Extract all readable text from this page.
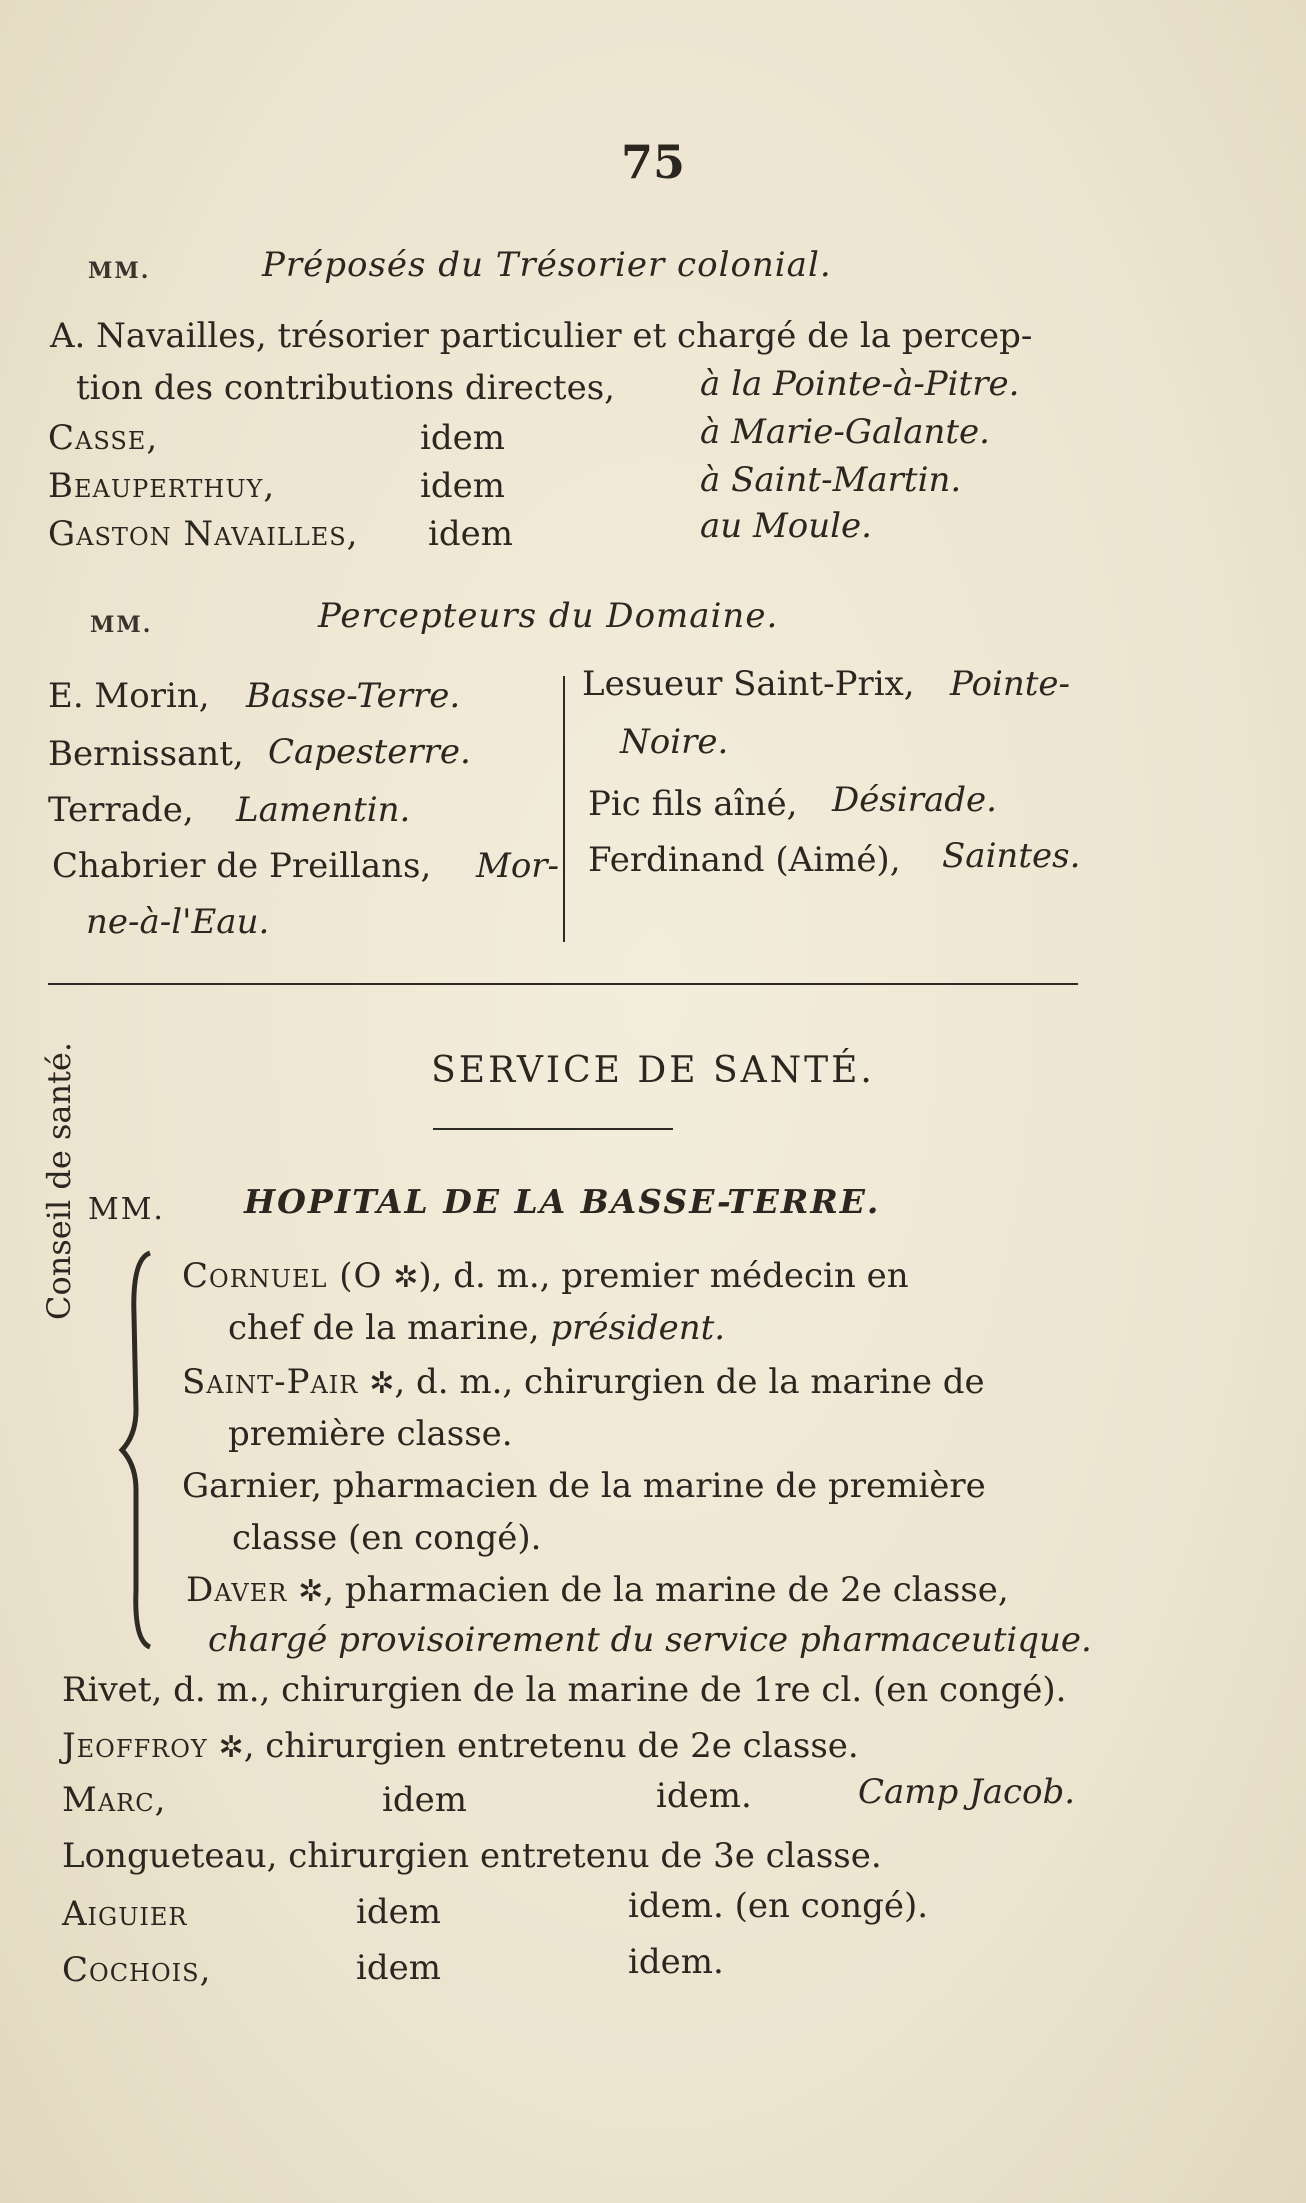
75
MM.	Préposés du Trésorier colonial.
A. Navailles, trésorier particulier et chargé de la percep-
tion des contributions directes,	à la Pointe-à-Pitre.
Casse,	idem	à Marie-Galante.
Beauperthuy,	idem	à Saint-Martin.
Gaston Navailles, idem	au Moule.
MM.	Percepteurs du Domaine.
E. Morin, Basse-Terre.
Bernissant, Capesterre.
Terrade, Lamentin.
Chabrier de Preillans, Mor-
ne-à-l'Eau.
Lesueur Saint-Prix, Pointe-
Noire.
Pic fils aîné, Désirade.
Ferdinand (Aimé), Saintes.
SERVICE DE SANTÉ.
MM. HOPITAL DE LA BASSE-TERRE.
Conseil de santé.	Cornuel (O ✲), d. m., premier médecin en
chef de la marine, président.
Saint-Pair ✲, d. m., chirurgien de la marine de
première classe.
Garnier, pharmacien de la marine de première
classe (en congé).
Daver ✲, pharmacien de la marine de 2e classe,
chargé provisoirement du service pharmaceutique.
Rivet, d. m., chirurgien de la marine de 1re cl. (en congé).
Jeoffroy ✲, chirurgien entretenu de 2e classe.
Marc,	idem	idem.	Camp Jacob.
Longueteau, chirurgien entretenu de 3e classe.
Aiguier	idem	idem. (en congé).
Cochois,	idem	idem.
